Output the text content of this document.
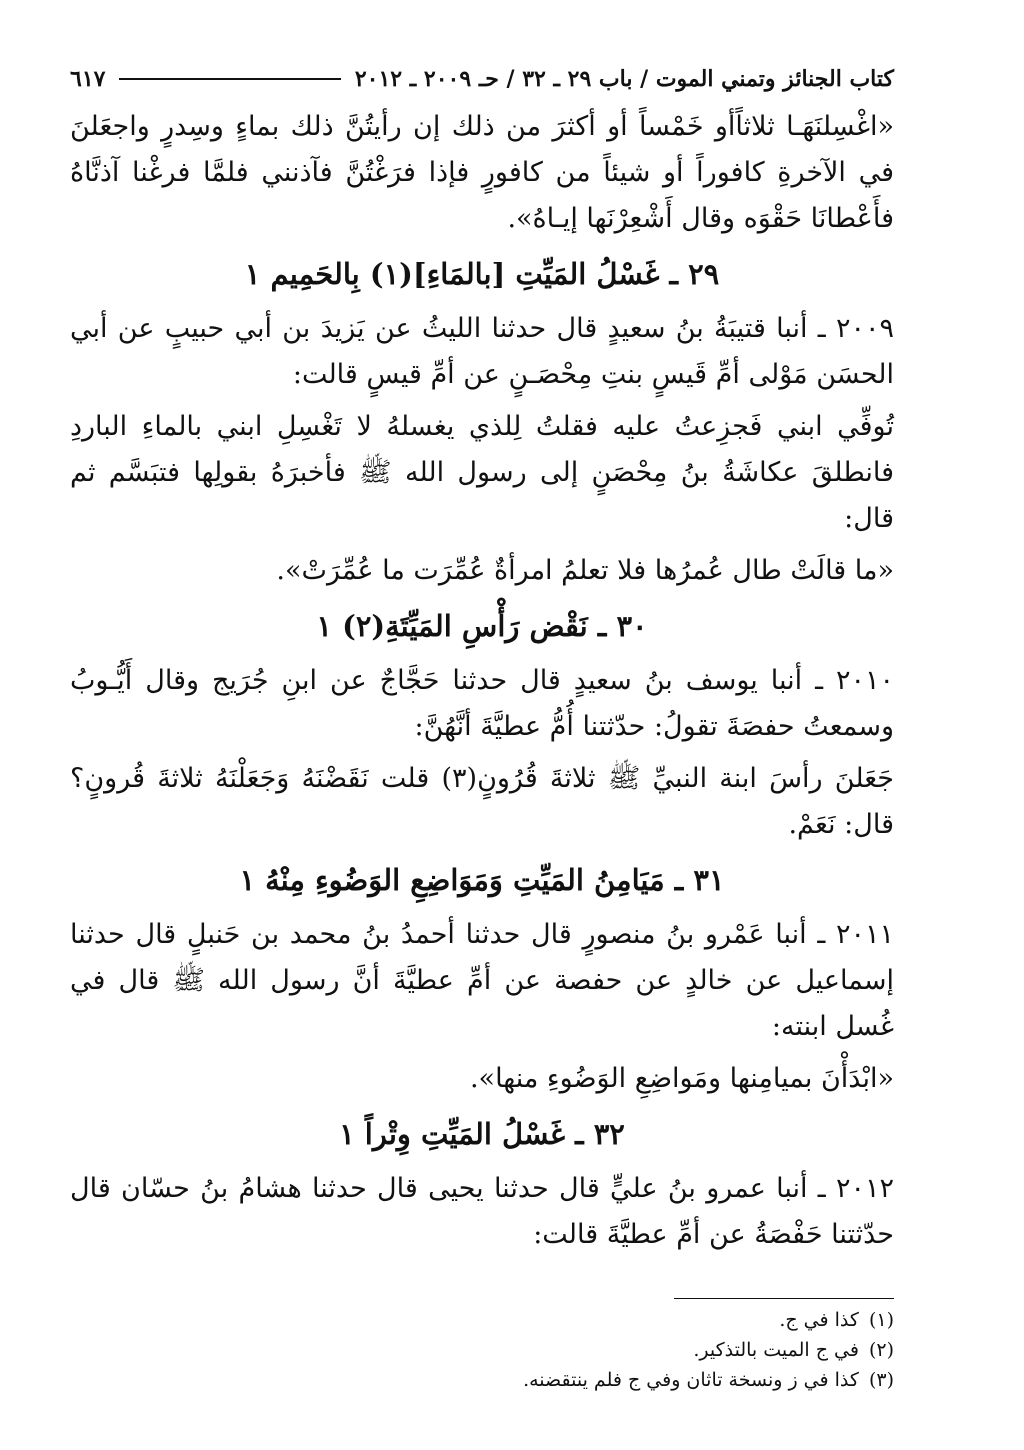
كتاب الجنائز وتمني الموت / باب ٢٩ ـ ٣٢ / حـ ٢٠٠٩ ـ ٢٠١٢
٦١٧

«اغْسِلنَهَـا ثلاثاًأو خَمْساً أو أكثرَ من ذلك إن رأيتُنَّ ذلك بماءٍ وسِدرٍ واجعَلنَ في الآخرةِ كافوراً أو شيئاً من كافورٍ فإذا فرَغْتُنَّ فآذنني فلمَّا فرغْنا آذنَّاهُ فأَعْطانَا حَقْوَه وقال أَشْعِرْنَها إيـاهُ».

٢٩ ـ غَسْلُ المَيِّتِ [بالمَاءِ](١) بِالحَمِيم ١

٢٠٠٩ ـ أنبا قتيبَةُ بنُ سعيدٍ قال حدثنا الليثُ عن يَزيدَ بن أبي حبيبٍ عن أبي الحسَن مَوْلى أمِّ قَيسٍ بنتِ مِحْصَـنٍ عن أمِّ قيسٍ قالت:

تُوفِّي ابني فَجزِعتُ عليه فقلتُ لِلذي يغسلهُ لا تَغْسِلِ ابني بالماءِ الباردِ فانطلقَ عكاشَةُ بنُ مِحْصَنٍ إلى رسول الله ﷺ فأخبرَهُ بقولِها فتبَسَّم ثم قال:

«ما قالَتْ طال عُمرُها فلا تعلمُ امرأةٌ عُمِّرَت ما عُمِّرَتْ».

٣٠ ـ نَقْض رَأْسِ المَيِّتَةِ(٢) ١

٢٠١٠ ـ أنبا يوسف بنُ سعيدٍ قال حدثنا حَجَّاجٌ عن ابنِ جُرَيج وقال أَيُّـوبُ وسمعتُ حفصَةَ تقولُ: حدّثتنا أُمُّ عطيَّةَ أنَّهُنَّ:

جَعَلنَ رأسَ ابنة النبيِّ ﷺ ثلاثةَ قُرُونٍ(٣) قلت نَقَضْنَهُ وَجَعَلْنَهُ ثلاثةَ قُرونٍ؟ قال: نَعَمْ.

٣١ ـ مَيَامِنُ المَيِّتِ وَمَوَاضِعِ الوَضُوءِ مِنْهُ ١

٢٠١١ ـ أنبا عَمْرو بنُ منصورٍ قال حدثنا أحمدُ بنُ محمد بن حَنبلٍ قال حدثنا إسماعيل عن خالدٍ عن حفصة عن أمِّ عطيَّةَ أنَّ رسول الله ﷺ قال في غُسل ابنته:

«ابْدَأْنَ بميامِنها ومَواضِعِ الوَضُوءِ منها».

٣٢ ـ غَسْلُ المَيِّتِ وِتْراً ١

٢٠١٢ ـ أنبا عمرو بنُ عليٍّ قال حدثنا يحيى قال حدثنا هشامُ بنُ حسّان قال حدّثتنا حَفْصَةُ عن أمِّ عطيَّةَ قالت:

(١)كذا في ج.
(٢)في ج الميت بالتذكير.
(٣)كذا في ز ونسخة تاثان وفي ج فلم ينتقضنه.
